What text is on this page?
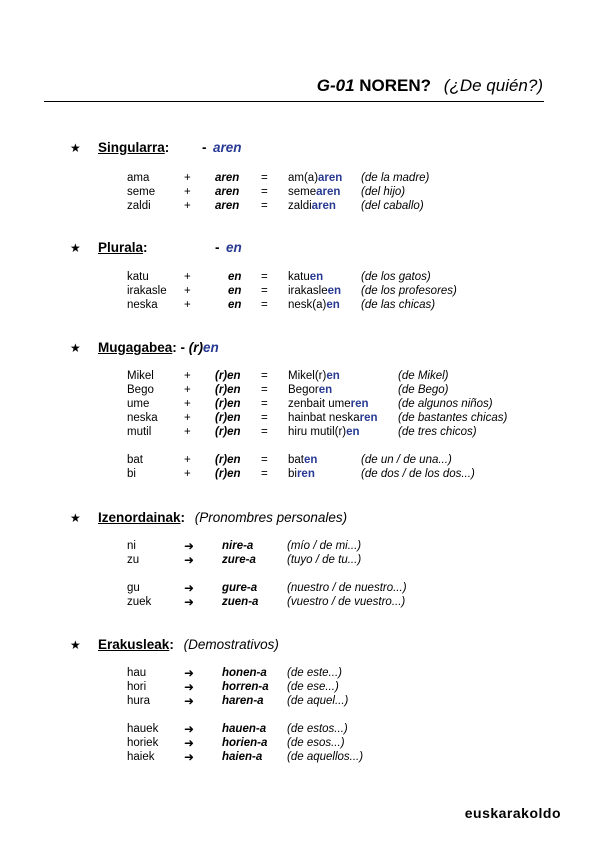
G-01 NOREN? (¿De quién?)
★ Singularra: - aren
ama	+ aren = am(a)aren (de la madre)
seme	+ aren = semearen (del hijo)
zaldi	+ aren = zaldiaren (del caballo)
★ Plurala:	- en
katu	+	en = katuen	(de los gatos)
irakasle +	en = irakasleen (de los profesores)
neska +	en = nesk(a)en (de las chicas)
★ Mugagabea: - (r)en
Mikel	+ (r)en = Mikel(r)en	(de Mikel)
Bego	+ (r)en = Begoren	(de Bego)
ume	+ (r)en = zenbait umeren	(de algunos niños)
neska + (r)en = hainbat neskaren (de bastantes chicas)
mutil	+ (r)en = hiru mutil(r)en	(de tres chicos)
bat	+ (r)en = baten	(de un / de una...)
bi	+ (r)en = biren	(de dos / de los dos...)
★ Izenordainak: (Pronombres personales)
ni	➜ nire-a	(mío / de mi...)
zu	➜ zure-a	(tuyo / de tu...)
gu	➜ gure-a	(nuestro / de nuestro...)
zuek	➜ zuen-a (vuestro / de vuestro...)
★ Erakusleak: (Demostrativos)
hau	➜ honen-a (de este...)
hori	➜ horren-a (de ese...)
hura	➜ haren-a (de aquel...)
hauek ➜ hauen-a (de estos...)
horiek ➜ horien-a (de esos...)
haiek ➜ haien-a (de aquellos...)
euskarakoldo
